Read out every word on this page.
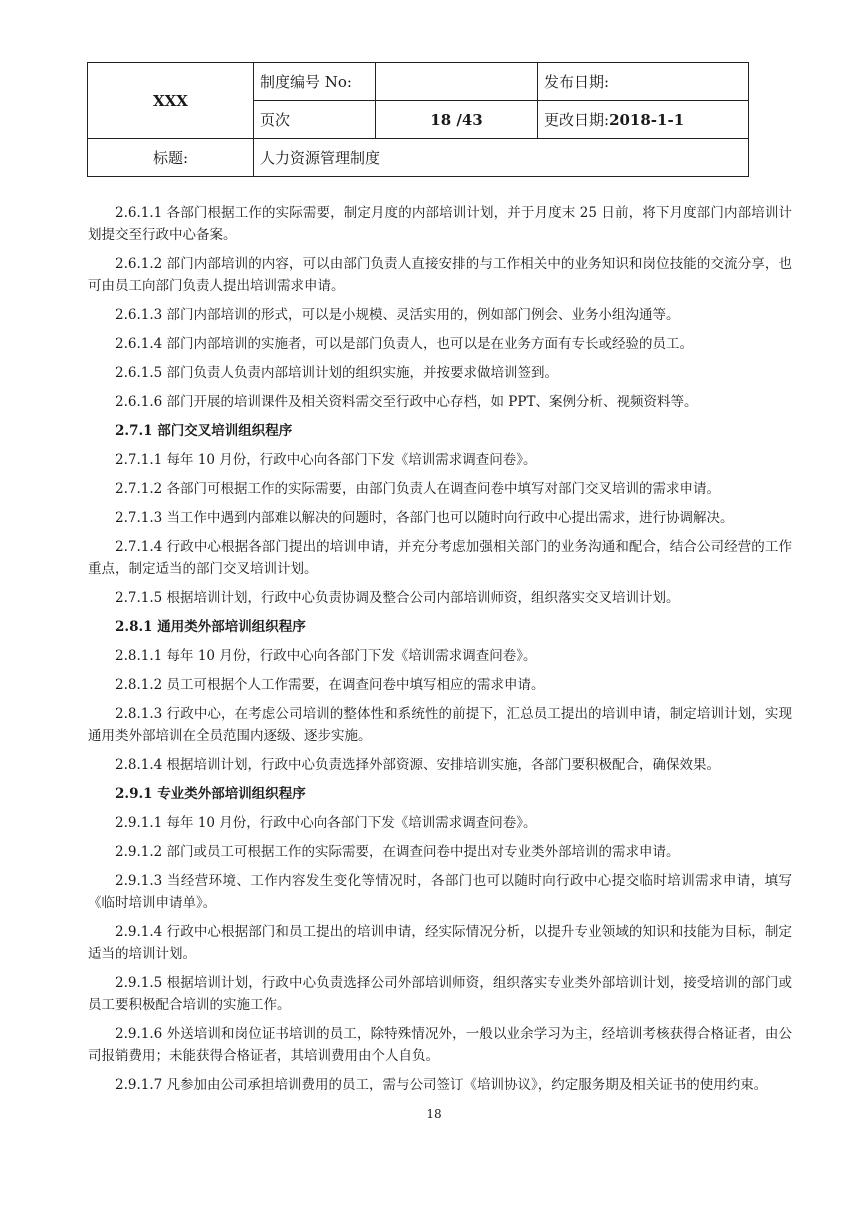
XXX	制度编号 No:		发布日期:
	页次	18 /43	更改日期:2018-1-1
标题:	人力资源管理制度		

2.6.1.1 各部门根据工作的实际需要，制定月度的内部培训计划，并于月度末 25 日前，将下月度部门内部培训计划提交至行政中心备案。

2.6.1.2 部门内部培训的内容，可以由部门负责人直接安排的与工作相关中的业务知识和岗位技能的交流分享，也可由员工向部门负责人提出培训需求申请。

2.6.1.3 部门内部培训的形式，可以是小规模、灵活实用的，例如部门例会、业务小组沟通等。

2.6.1.4 部门内部培训的实施者，可以是部门负责人，也可以是在业务方面有专长或经验的员工。

2.6.1.5 部门负责人负责内部培训计划的组织实施，并按要求做培训签到。

2.6.1.6 部门开展的培训课件及相关资料需交至行政中心存档，如 PPT、案例分析、视频资料等。

2.7.1 部门交叉培训组织程序

2.7.1.1 每年 10 月份，行政中心向各部门下发《培训需求调查问卷》。

2.7.1.2 各部门可根据工作的实际需要，由部门负责人在调查问卷中填写对部门交叉培训的需求申请。

2.7.1.3 当工作中遇到内部难以解决的问题时，各部门也可以随时向行政中心提出需求，进行协调解决。

2.7.1.4 行政中心根据各部门提出的培训申请，并充分考虑加强相关部门的业务沟通和配合，结合公司经营的工作重点，制定适当的部门交叉培训计划。

2.7.1.5 根据培训计划，行政中心负责协调及整合公司内部培训师资，组织落实交叉培训计划。

2.8.1 通用类外部培训组织程序

2.8.1.1 每年 10 月份，行政中心向各部门下发《培训需求调查问卷》。

2.8.1.2 员工可根据个人工作需要，在调查问卷中填写相应的需求申请。

2.8.1.3 行政中心，在考虑公司培训的整体性和系统性的前提下，汇总员工提出的培训申请，制定培训计划，实现通用类外部培训在全员范围内逐级、逐步实施。

2.8.1.4 根据培训计划，行政中心负责选择外部资源、安排培训实施，各部门要积极配合，确保效果。

2.9.1 专业类外部培训组织程序

2.9.1.1 每年 10 月份，行政中心向各部门下发《培训需求调查问卷》。

2.9.1.2 部门或员工可根据工作的实际需要，在调查问卷中提出对专业类外部培训的需求申请。

2.9.1.3 当经营环境、工作内容发生变化等情况时，各部门也可以随时向行政中心提交临时培训需求申请，填写《临时培训申请单》。

2.9.1.4 行政中心根据部门和员工提出的培训申请，经实际情况分析，以提升专业领域的知识和技能为目标，制定适当的培训计划。

2.9.1.5 根据培训计划，行政中心负责选择公司外部培训师资，组织落实专业类外部培训计划，接受培训的部门或员工要积极配合培训的实施工作。

2.9.1.6 外送培训和岗位证书培训的员工，除特殊情况外，一般以业余学习为主，经培训考核获得合格证者，由公司报销费用；未能获得合格证者，其培训费用由个人自负。

2.9.1.7 凡参加由公司承担培训费用的员工，需与公司签订《培训协议》，约定服务期及相关证书的使用约束。

18
